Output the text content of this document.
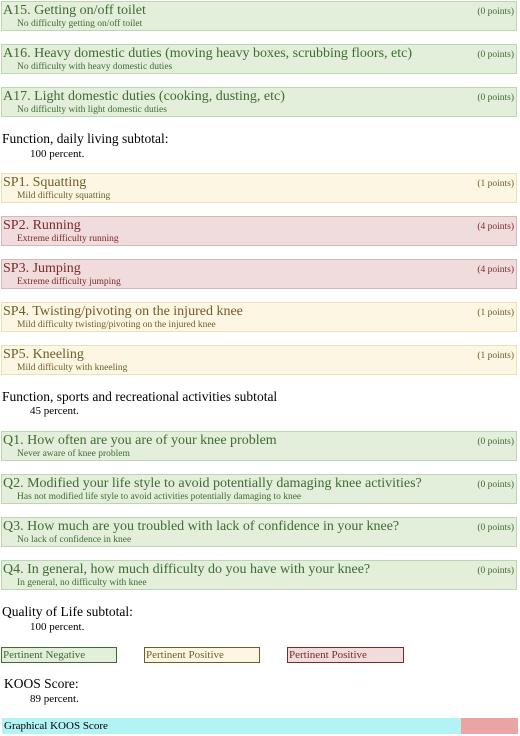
A15. Getting on/off toilet
No difficulty getting on/off toilet
(0 points)
A16. Heavy domestic duties (moving heavy boxes, scrubbing floors, etc)
No difficulty with heavy domestic duties
(0 points)
A17. Light domestic duties (cooking, dusting, etc)
No difficulty with light domestic duties
(0 points)
Function, daily living subtotal:
100 percent.
SP1. Squatting
Mild difficulty squatting
(1 points)
SP2. Running
Extreme difficulty running
(4 points)
SP3. Jumping
Extreme difficulty jumping
(4 points)
SP4. Twisting/pivoting on the injured knee
Mild difficulty twisting/pivoting on the injured knee
(1 points)
SP5. Kneeling
Mild difficulty with kneeling
(1 points)
Function, sports and recreational activities subtotal
45 percent.
Q1. How often are you are of your knee problem
Never aware of knee problem
(0 points)
Q2. Modified your life style to avoid potentially damaging knee activities?
Has not modified life style to avoid activities potentially damaging to knee
(0 points)
Q3. How much are you troubled with lack of confidence in your knee?
No lack of confidence in knee
(0 points)
Q4. In general, how much difficulty do you have with your knee?
In general, no difficulty with knee
(0 points)
Quality of Life subtotal:
100 percent.
Pertinent Negative	Pertinent Positive	Pertinent Positive
KOOS Score:
89 percent.
Graphical KOOS Score
